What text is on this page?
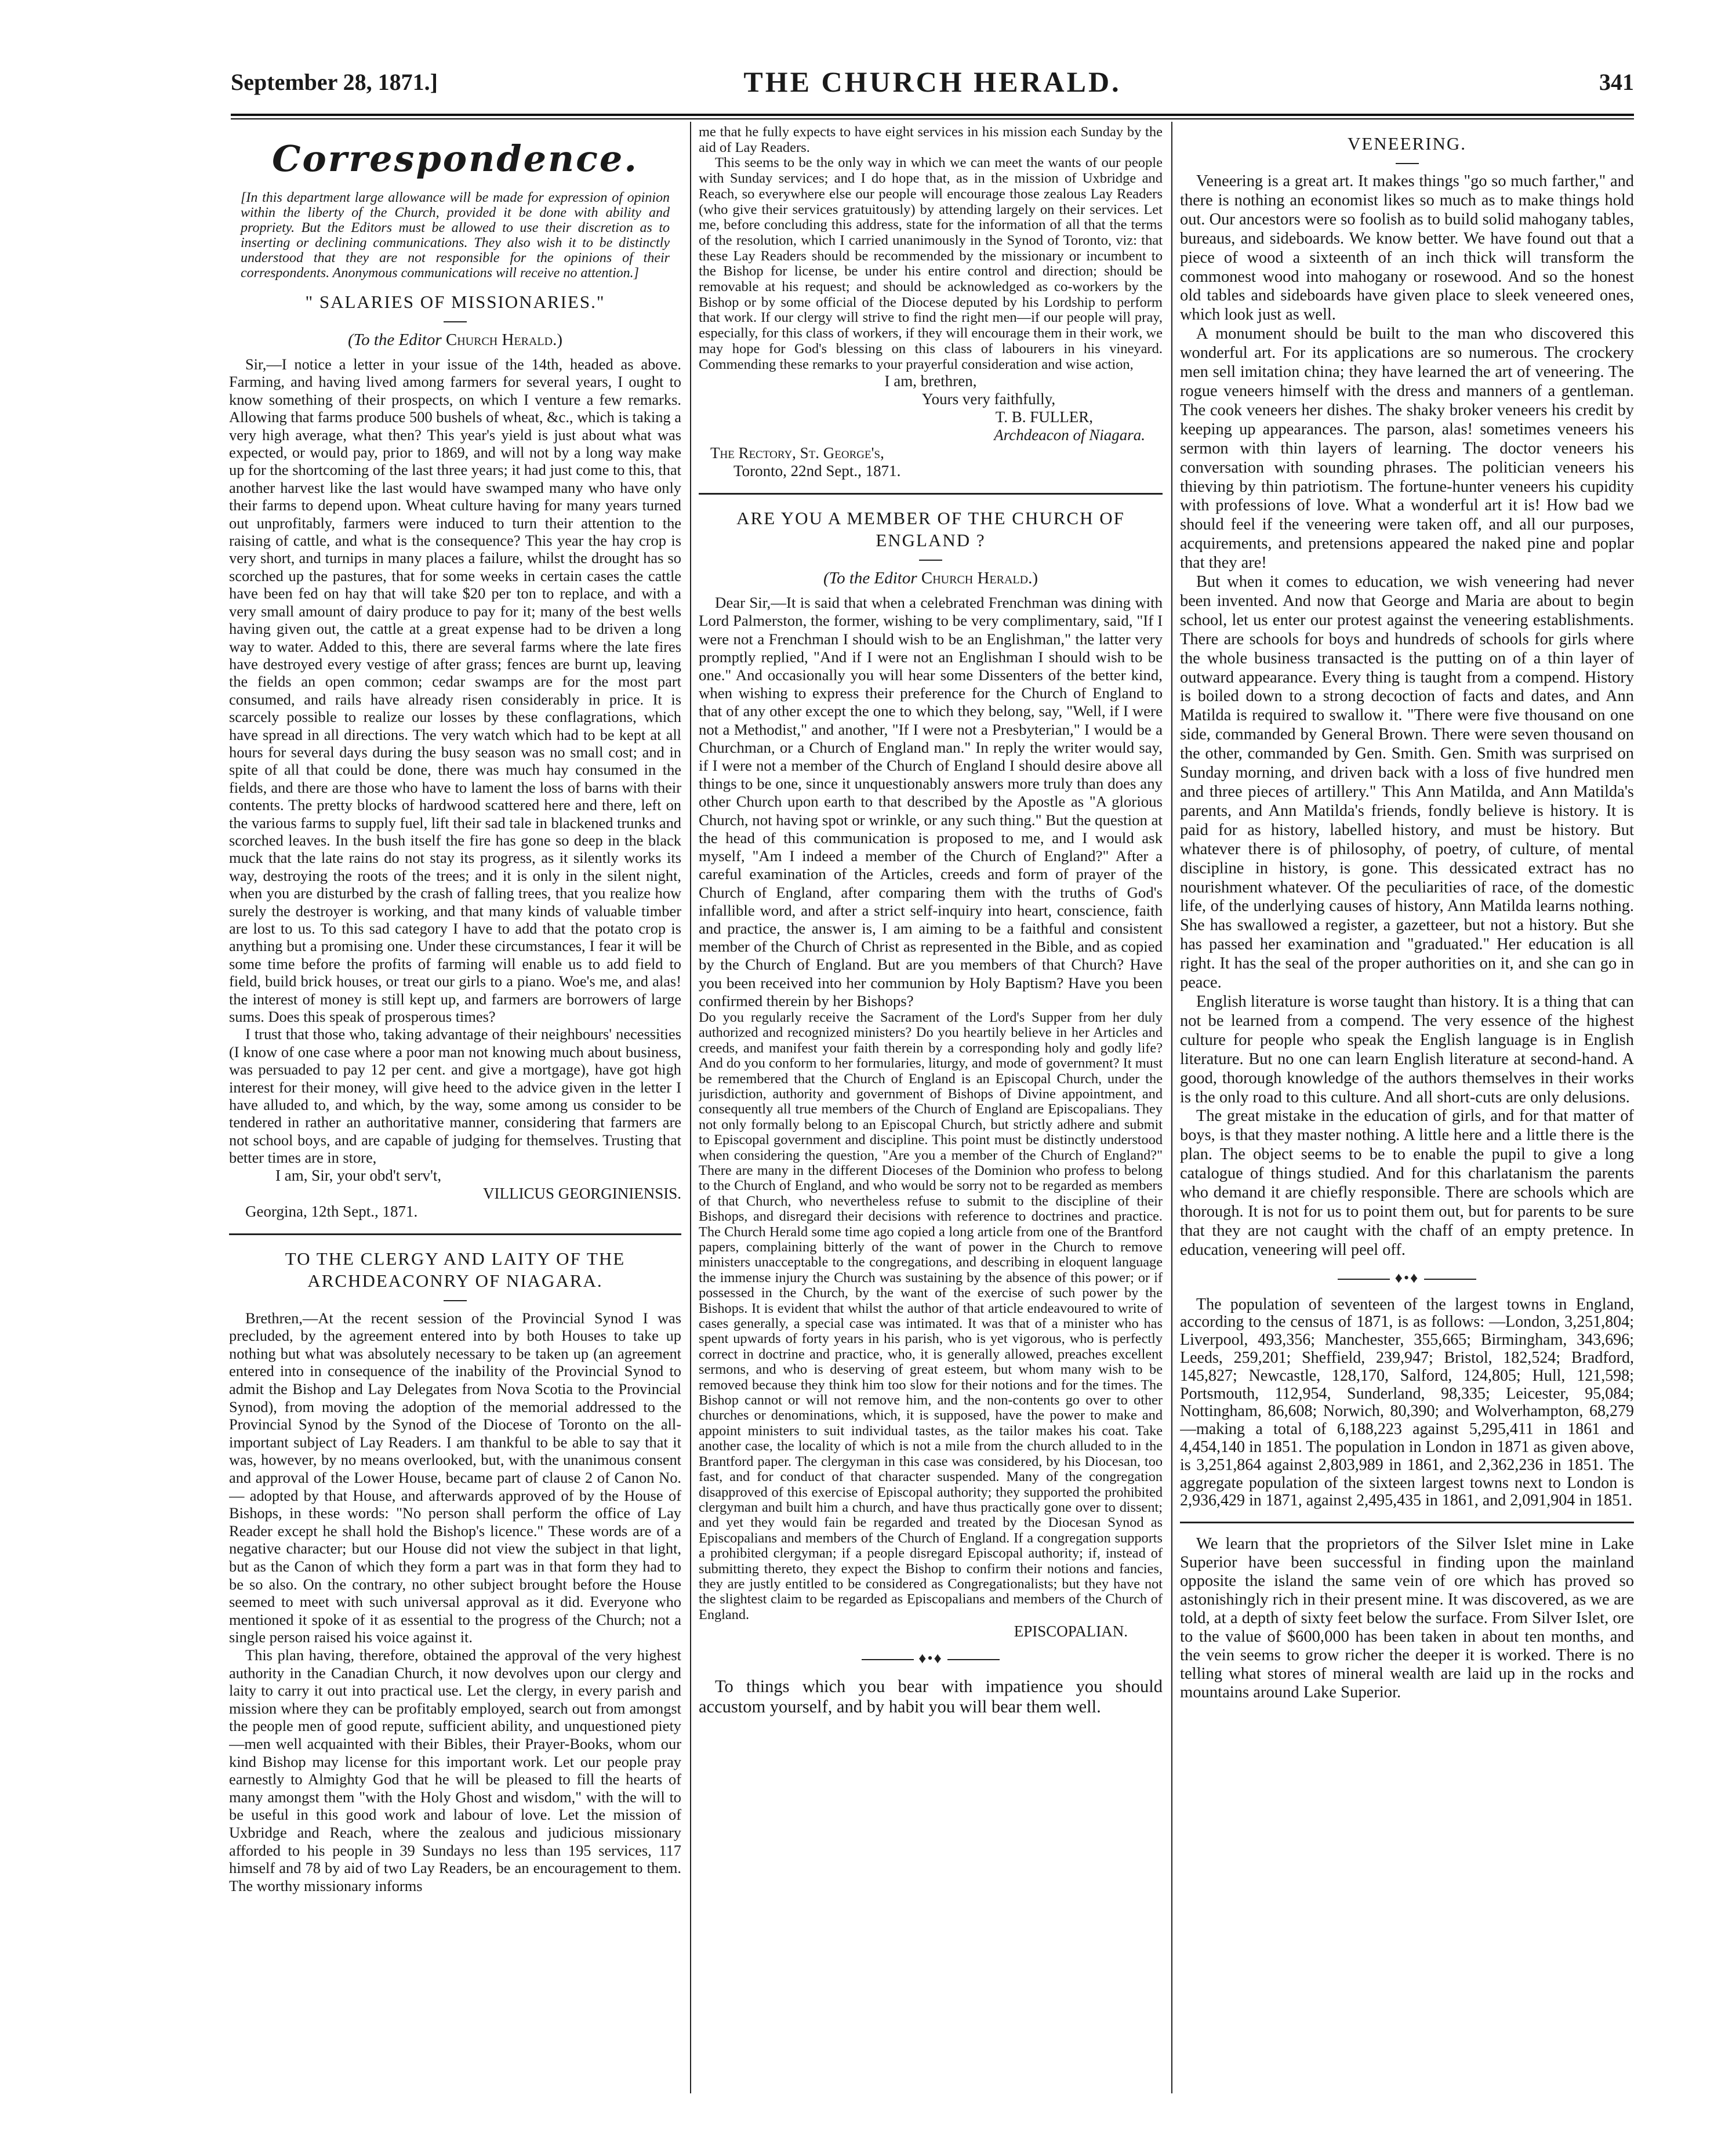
September 28, 1871.]	THE CHURCH HERALD.	341
Correspondence.
[In this department large allowance will be made for expression of opinion within the liberty of the Church, provided it be done with ability and propriety. But the Editors must be allowed to use their discretion as to inserting or declining communications. They also wish it to be distinctly understood that they are not responsible for the opinions of their correspondents. Anonymous communications will receive no attention.]
" SALARIES OF MISSIONARIES."
(To the Editor Church Herald.)

Sir,—I notice a letter in your issue of the 14th, headed as above. Farming, and having lived among farmers for several years, I ought to know something of their prospects, on which I venture a few remarks. Allowing that farms produce 500 bushels of wheat, &c., which is taking a very high average, what then? This year's yield is just about what was expected, or would pay, prior to 1869, and will not by a long way make up for the shortcoming of the last three years; it had just come to this, that another harvest like the last would have swamped many who have only their farms to depend upon. Wheat culture having for many years turned out unprofitably, farmers were induced to turn their attention to the raising of cattle, and what is the consequence? This year the hay crop is very short, and turnips in many places a failure, whilst the drought has so scorched up the pastures, that for some weeks in certain cases the cattle have been fed on hay that will take $20 per ton to replace, and with a very small amount of dairy produce to pay for it; many of the best wells having given out, the cattle at a great expense had to be driven a long way to water. Added to this, there are several farms where the late fires have destroyed every vestige of after grass; fences are burnt up, leaving the fields an open common; cedar swamps are for the most part consumed, and rails have already risen considerably in price. It is scarcely possible to realize our losses by these conflagrations, which have spread in all directions. The very watch which had to be kept at all hours for several days during the busy season was no small cost; and in spite of all that could be done, there was much hay consumed in the fields, and there are those who have to lament the loss of barns with their contents. The pretty blocks of hardwood scattered here and there, left on the various farms to supply fuel, lift their sad tale in blackened trunks and scorched leaves. In the bush itself the fire has gone so deep in the black muck that the late rains do not stay its progress, as it silently works its way, destroying the roots of the trees; and it is only in the silent night, when you are disturbed by the crash of falling trees, that you realize how surely the destroyer is working, and that many kinds of valuable timber are lost to us. To this sad category I have to add that the potato crop is anything but a promising one. Under these circumstances, I fear it will be some time before the profits of farming will enable us to add field to field, build brick houses, or treat our girls to a piano. Woe's me, and alas! the interest of money is still kept up, and farmers are borrowers of large sums. Does this speak of prosperous times?

I trust that those who, taking advantage of their neighbours' necessities (I know of one case where a poor man not knowing much about business, was persuaded to pay 12 per cent. and give a mortgage), have got high interest for their money, will give heed to the advice given in the letter I have alluded to, and which, by the way, some among us consider to be tendered in rather an authoritative manner, considering that farmers are not school boys, and are capable of judging for themselves. Trusting that better times are in store,

I am, Sir, your obd't serv't,
VILLICUS GEORGINIENSIS.
Georgina, 12th Sept., 1871.
TO THE CLERGY AND LAITY OF THE ARCHDEACONRY OF NIAGARA.

Brethren,—At the recent session of the Provincial Synod I was precluded, by the agreement entered into by both Houses to take up nothing but what was absolutely necessary to be taken up (an agreement entered into in consequence of the inability of the Provincial Synod to admit the Bishop and Lay Delegates from Nova Scotia to the Provincial Synod), from moving the adoption of the memorial addressed to the Provincial Synod by the Synod of the Diocese of Toronto on the all-important subject of Lay Readers. I am thankful to be able to say that it was, however, by no means overlooked, but, with the unanimous consent and approval of the Lower House, became part of clause 2 of Canon No. — adopted by that House, and afterwards approved of by the House of Bishops, in these words: "No person shall perform the office of Lay Reader except he shall hold the Bishop's licence." These words are of a negative character; but our House did not view the subject in that light, but as the Canon of which they form a part was in that form they had to be so also. On the contrary, no other subject brought before the House seemed to meet with such universal approval as it did. Everyone who mentioned it spoke of it as essential to the progress of the Church; not a single person raised his voice against it.

This plan having, therefore, obtained the approval of the very highest authority in the Canadian Church, it now devolves upon our clergy and laity to carry it out into practical use. Let the clergy, in every parish and mission where they can be profitably employed, search out from amongst the people men of good repute, sufficient ability, and unquestioned piety—men well acquainted with their Bibles, their Prayer-Books, whom our kind Bishop may license for this important work. Let our people pray earnestly to Almighty God that he will be pleased to fill the hearts of many amongst them "with the Holy Ghost and wisdom," with the will to be useful in this good work and labour of love. Let the mission of Uxbridge and Reach, where the zealous and judicious missionary afforded to his people in 39 Sundays no less than 195 services, 117 himself and 78 by aid of two Lay Readers, be an encouragement to them. The worthy missionary informs

me that he fully expects to have eight services in his mission each Sunday by the aid of Lay Readers.

This seems to be the only way in which we can meet the wants of our people with Sunday services; and I do hope that, as in the mission of Uxbridge and Reach, so everywhere else our people will encourage those zealous Lay Readers (who give their services gratuitously) by attending largely on their services. Let me, before concluding this address, state for the information of all that the terms of the resolution, which I carried unanimously in the Synod of Toronto, viz: that these Lay Readers should be recommended by the missionary or incumbent to the Bishop for license, be under his entire control and direction; should be removable at his request; and should be acknowledged as co-workers by the Bishop or by some official of the Diocese deputed by his Lordship to perform that work. If our clergy will strive to find the right men—if our people will pray, especially, for this class of workers, if they will encourage them in their work, we may hope for God's blessing on this class of labourers in his vineyard. Commending these remarks to your prayerful consideration and wise action,

I am, brethren,
Yours very faithfully,
T. B. FULLER,
Archdeacon of Niagara.
The Rectory, St. George's,
Toronto, 22nd Sept., 1871.
ARE YOU A MEMBER OF THE CHURCH OF ENGLAND ?
(To the Editor Church Herald.)

Dear Sir,—It is said that when a celebrated Frenchman was dining with Lord Palmerston, the former, wishing to be very complimentary, said, "If I were not a Frenchman I should wish to be an Englishman," the latter very promptly replied, "And if I were not an Englishman I should wish to be one." And occasionally you will hear some Dissenters of the better kind, when wishing to express their preference for the Church of England to that of any other except the one to which they belong, say, "Well, if I were not a Methodist," and another, "If I were not a Presbyterian," I would be a Churchman, or a Church of England man." In reply the writer would say, if I were not a member of the Church of England I should desire above all things to be one, since it unquestionably answers more truly than does any other Church upon earth to that described by the Apostle as "A glorious Church, not having spot or wrinkle, or any such thing." But the question at the head of this communication is proposed to me, and I would ask myself, "Am I indeed a member of the Church of England?" After a careful examination of the Articles, creeds and form of prayer of the Church of England, after comparing them with the truths of God's infallible word, and after a strict self-inquiry into heart, conscience, faith and practice, the answer is, I am aiming to be a faithful and consistent member of the Church of Christ as represented in the Bible, and as copied by the Church of England. But are you members of that Church? Have you been received into her communion by Holy Baptism? Have you been confirmed therein by her Bishops?

Do you regularly receive the Sacrament of the Lord's Supper from her duly authorized and recognized ministers? Do you heartily believe in her Articles and creeds, and manifest your faith therein by a corresponding holy and godly life? And do you conform to her formularies, liturgy, and mode of government? It must be remembered that the Church of England is an Episcopal Church, under the jurisdiction, authority and government of Bishops of Divine appointment, and consequently all true members of the Church of England are Episcopalians. They not only formally belong to an Episcopal Church, but strictly adhere and submit to Episcopal government and discipline. This point must be distinctly understood when considering the question, "Are you a member of the Church of England?" There are many in the different Dioceses of the Dominion who profess to belong to the Church of England, and who would be sorry not to be regarded as members of that Church, who nevertheless refuse to submit to the discipline of their Bishops, and disregard their decisions with reference to doctrines and practice. The Church Herald some time ago copied a long article from one of the Brantford papers, complaining bitterly of the want of power in the Church to remove ministers unacceptable to the congregations, and describing in eloquent language the immense injury the Church was sustaining by the absence of this power; or if possessed in the Church, by the want of the exercise of such power by the Bishops. It is evident that whilst the author of that article endeavoured to write of cases generally, a special case was intimated. It was that of a minister who has spent upwards of forty years in his parish, who is yet vigorous, who is perfectly correct in doctrine and practice, who, it is generally allowed, preaches excellent sermons, and who is deserving of great esteem, but whom many wish to be removed because they think him too slow for their notions and for the times. The Bishop cannot or will not remove him, and the non-contents go over to other churches or denominations, which, it is supposed, have the power to make and appoint ministers to suit individual tastes, as the tailor makes his coat. Take another case, the locality of which is not a mile from the church alluded to in the Brantford paper. The clergyman in this case was considered, by his Diocesan, too fast, and for conduct of that character suspended. Many of the congregation disapproved of this exercise of Episcopal authority; they supported the prohibited clergyman and built him a church, and have thus practically gone over to dissent; and yet they would fain be regarded and treated by the Diocesan Synod as Episcopalians and members of the Church of England. If a congregation supports a prohibited clergyman; if a people disregard Episcopal authority; if, instead of submitting thereto, they expect the Bishop to confirm their notions and fancies, they are justly entitled to be considered as Congregationalists; but they have not the slightest claim to be regarded as Episcopalians and members of the Church of England.

EPISCOPALIAN.
♦•♦

To things which you bear with impatience you should accustom yourself, and by habit you will bear them well.

VENEERING.

Veneering is a great art. It makes things "go so much farther," and there is nothing an economist likes so much as to make things hold out. Our ancestors were so foolish as to build solid mahogany tables, bureaus, and sideboards. We know better. We have found out that a piece of wood a sixteenth of an inch thick will transform the commonest wood into mahogany or rosewood. And so the honest old tables and sideboards have given place to sleek veneered ones, which look just as well.

A monument should be built to the man who discovered this wonderful art. For its applications are so numerous. The crockery men sell imitation china; they have learned the art of veneering. The rogue veneers himself with the dress and manners of a gentleman. The cook veneers her dishes. The shaky broker veneers his credit by keeping up appearances. The parson, alas! sometimes veneers his sermon with thin layers of learning. The doctor veneers his conversation with sounding phrases. The politician veneers his thieving by thin patriotism. The fortune-hunter veneers his cupidity with professions of love. What a wonderful art it is! How bad we should feel if the veneering were taken off, and all our purposes, acquirements, and pretensions appeared the naked pine and poplar that they are!

But when it comes to education, we wish veneering had never been invented. And now that George and Maria are about to begin school, let us enter our protest against the veneering establishments. There are schools for boys and hundreds of schools for girls where the whole business transacted is the putting on of a thin layer of outward appearance. Every thing is taught from a compend. History is boiled down to a strong decoction of facts and dates, and Ann Matilda is required to swallow it. "There were five thousand on one side, commanded by General Brown. There were seven thousand on the other, commanded by Gen. Smith. Gen. Smith was surprised on Sunday morning, and driven back with a loss of five hundred men and three pieces of artillery." This Ann Matilda, and Ann Matilda's parents, and Ann Matilda's friends, fondly believe is history. It is paid for as history, labelled history, and must be history. But whatever there is of philosophy, of poetry, of culture, of mental discipline in history, is gone. This dessicated extract has no nourishment whatever. Of the peculiarities of race, of the domestic life, of the underlying causes of history, Ann Matilda learns nothing. She has swallowed a register, a gazetteer, but not a history. But she has passed her examination and "graduated." Her education is all right. It has the seal of the proper authorities on it, and she can go in peace.

English literature is worse taught than history. It is a thing that can not be learned from a compend. The very essence of the highest culture for people who speak the English language is in English literature. But no one can learn English literature at second-hand. A good, thorough knowledge of the authors themselves in their works is the only road to this culture. And all short-cuts are only delusions.

The great mistake in the education of girls, and for that matter of boys, is that they master nothing. A little here and a little there is the plan. The object seems to be to enable the pupil to give a long catalogue of things studied. And for this charlatanism the parents who demand it are chiefly responsible. There are schools which are thorough. It is not for us to point them out, but for parents to be sure that they are not caught with the chaff of an empty pretence. In education, veneering will peel off.

♦•♦

The population of seventeen of the largest towns in England, according to the census of 1871, is as follows: —London, 3,251,804; Liverpool, 493,356; Manchester, 355,665; Birmingham, 343,696; Leeds, 259,201; Sheffield, 239,947; Bristol, 182,524; Bradford, 145,827; Newcastle, 128,170, Salford, 124,805; Hull, 121,598; Portsmouth, 112,954, Sunderland, 98,335; Leicester, 95,084; Nottingham, 86,608; Norwich, 80,390; and Wolverhampton, 68,279—making a total of 6,188,223 against 5,295,411 in 1861 and 4,454,140 in 1851. The population in London in 1871 as given above, is 3,251,864 against 2,803,989 in 1861, and 2,362,236 in 1851. The aggregate population of the sixteen largest towns next to London is 2,936,429 in 1871, against 2,495,435 in 1861, and 2,091,904 in 1851.

We learn that the proprietors of the Silver Islet mine in Lake Superior have been successful in finding upon the mainland opposite the island the same vein of ore which has proved so astonishingly rich in their present mine. It was discovered, as we are told, at a depth of sixty feet below the surface. From Silver Islet, ore to the value of $600,000 has been taken in about ten months, and the vein seems to grow richer the deeper it is worked. There is no telling what stores of mineral wealth are laid up in the rocks and mountains around Lake Superior.
